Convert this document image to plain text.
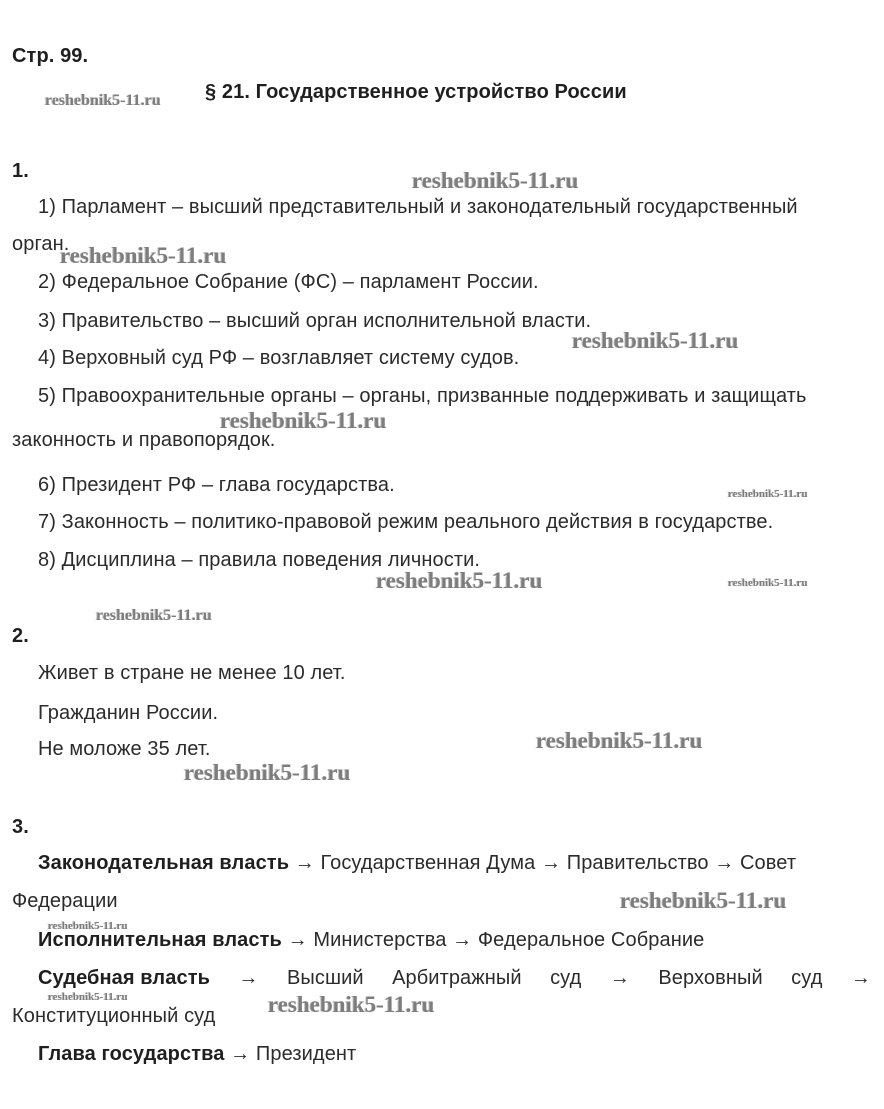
Стр. 99.
§ 21. Государственное устройство России
1.
1) Парламент – высший представительный и законодательный государственный
орган.
2) Федеральное Собрание (ФС) – парламент России.
3) Правительство – высший орган исполнительной власти.
4) Верховный суд РФ – возглавляет систему судов.
5) Правоохранительные органы – органы, призванные поддерживать и защищать
законность и правопорядок.
6) Президент РФ – глава государства.
7) Законность – политико-правовой режим реального действия в государстве.
8) Дисциплина – правила поведения личности.
2.
Живет в стране не менее 10 лет.
Гражданин России.
Не моложе 35 лет.
3.
Законодательная власть → Государственная Дума → Правительство → Совет
Федерации
Исполнительная власть → Министерства → Федеральное Собрание
Судебная власть → Высший Арбитражный суд → Верховный суд →
Конституционный суд
Глава государства → Президент
reshebnik5-11.ru
reshebnik5-11.ru
reshebnik5-11.ru
reshebnik5-11.ru
reshebnik5-11.ru
reshebnik5-11.ru
reshebnik5-11.ru	reshebnik5-11.ru
reshebnik5-11.ru
reshebnik5-11.ru
reshebnik5-11.ru
reshebnik5-11.ru
reshebnik5-11.ru
reshebnik5-11.ru	reshebnik5-11.ru
